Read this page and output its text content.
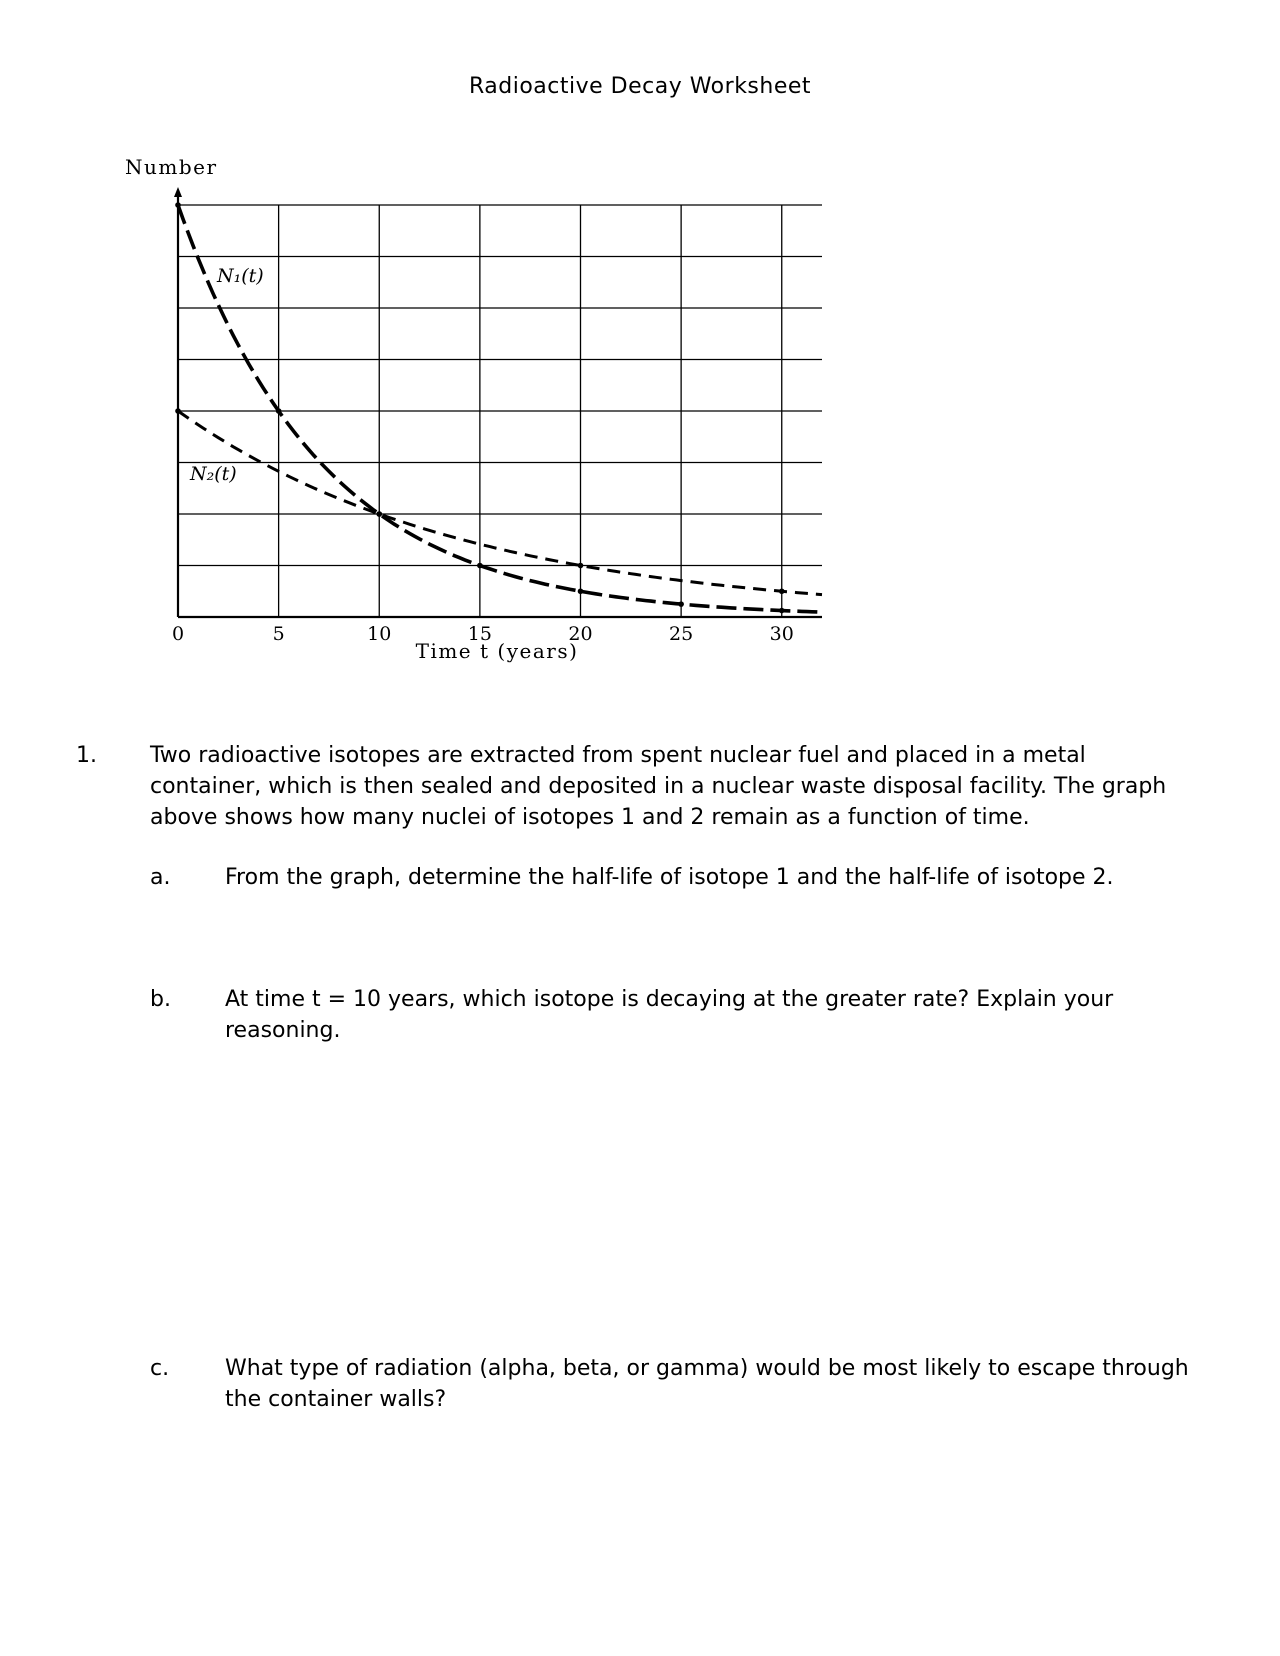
Radioactive Decay Worksheet
Number
0	5	10	15	20	25	30
Time t (years)
N₁(t)
N₂(t)
1. Two radioactive isotopes are extracted from spent nuclear fuel and placed in a metal container, which is then sealed and deposited in a nuclear waste disposal facility. The graph above shows how many nuclei of isotopes 1 and 2 remain as a function of time.
a. From the graph, determine the half-life of isotope 1 and the half-life of isotope 2.
b. At time t = 10 years, which isotope is decaying at the greater rate? Explain your reasoning.
c.	What type of radiation (alpha, beta, or gamma) would be most likely to escape through the container walls?
